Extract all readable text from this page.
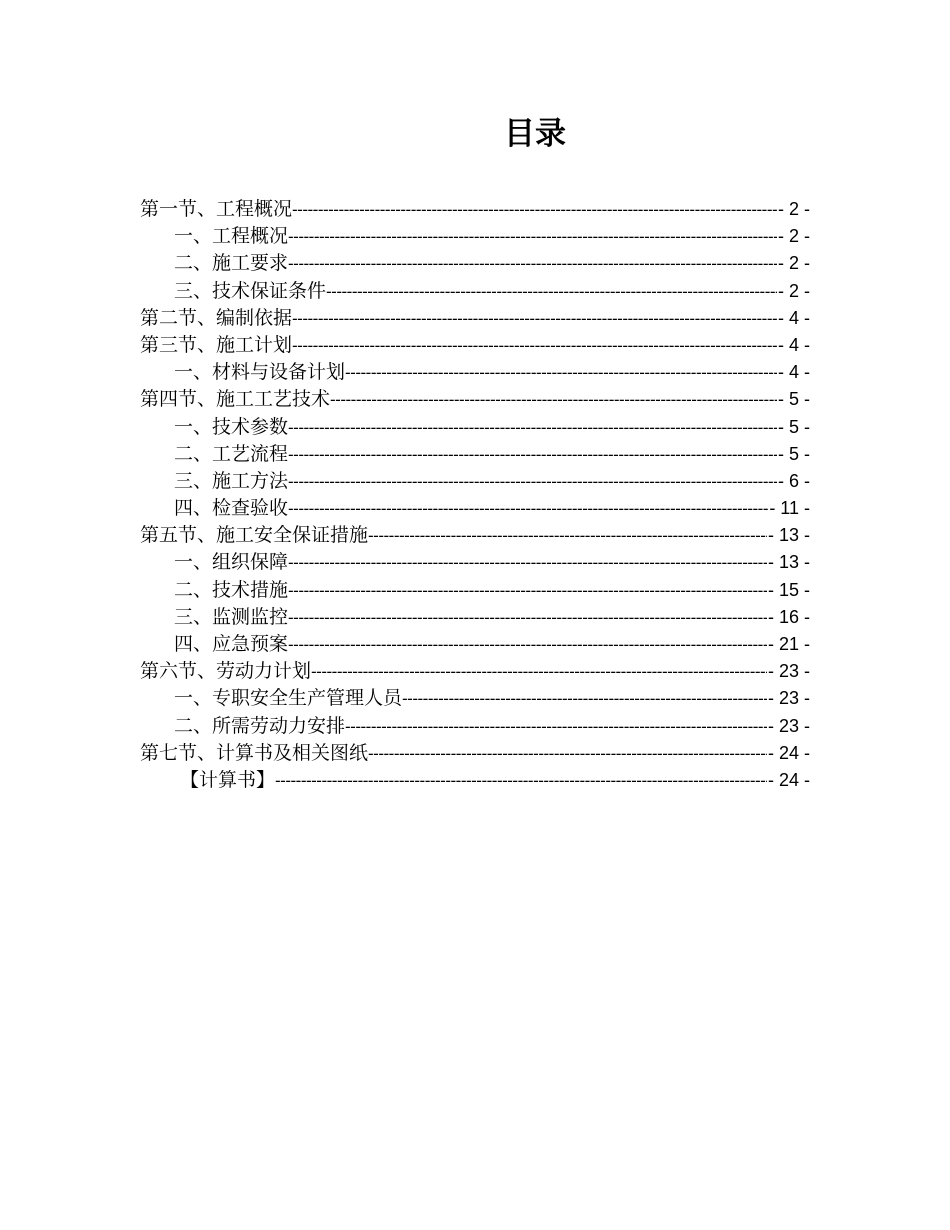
目录
第一节、工程概况 -----	- 2 -
一、工程概况 -----	- 2 -
二、施工要求 -----	- 2 -
三、技术保证条件 -----	- 2 -
第二节、编制依据 -----	- 4 -
第三节、施工计划 -----	- 4 -
一、材料与设备计划 -----	- 4 -
第四节、施工工艺技术 -----	- 5 -
一、技术参数 -----	- 5 -
二、工艺流程 -----	- 5 -
三、施工方法 -----	- 6 -
四、检查验收 -----	- 11 -
第五节、施工安全保证措施 -----	- 13 -
一、组织保障 -----	- 13 -
二、技术措施 -----	- 15 -
三、监测监控 -----	- 16 -
四、应急预案 -----	- 21 -
第六节、劳动力计划 -----	- 23 -
一、专职安全生产管理人员 -----	- 23 -
二、所需劳动力安排 -----	- 23 -
第七节、计算书及相关图纸 -----	- 24 -
【计算书】 -----	- 24 -
